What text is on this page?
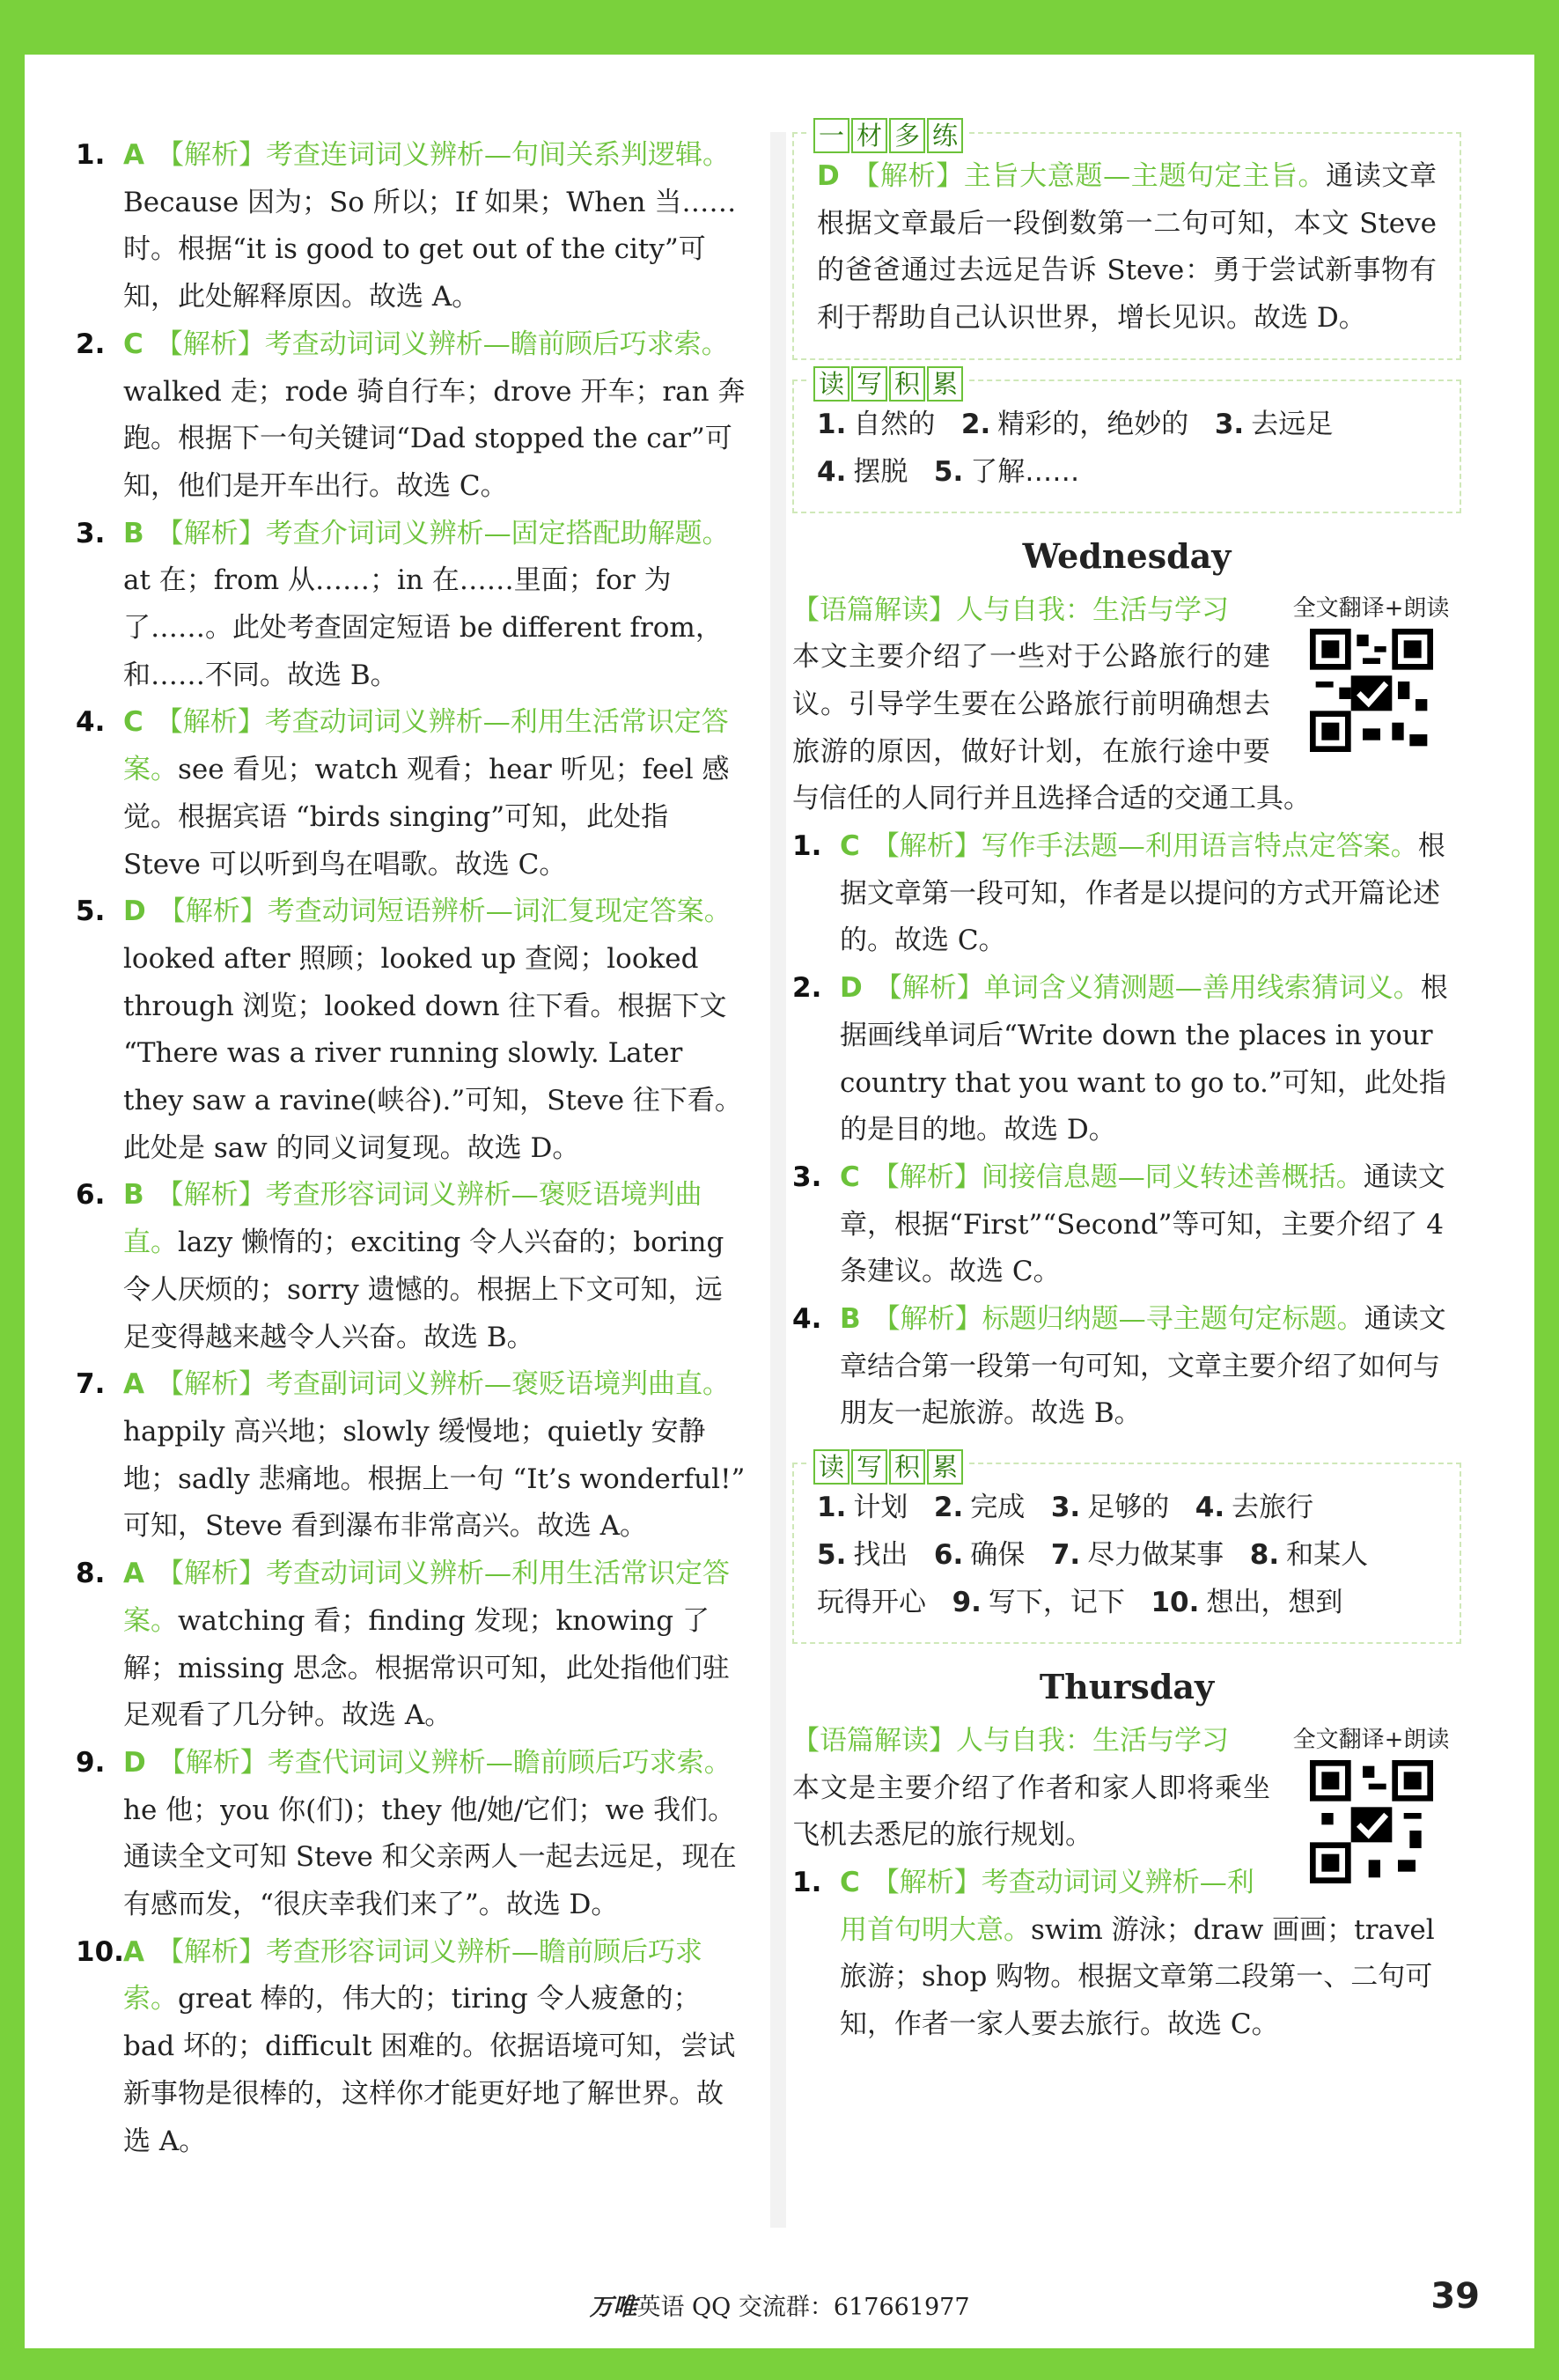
1. A 【解析】考查连词词义辨析—句间关系判逻辑。Because 因为；So 所以；If 如果；When 当……时。根据“it is good to get out of the city”可知，此处解释原因。故选 A。

2. C 【解析】考查动词词义辨析—瞻前顾后巧求索。walked 走；rode 骑自行车；drove 开车；ran 奔跑。根据下一句关键词“Dad stopped the car”可知，他们是开车出行。故选 C。

3. B 【解析】考查介词词义辨析—固定搭配助解题。at 在；from 从……；in 在……里面；for 为了……。此处考查固定短语 be different from，和……不同。故选 B。

4. C 【解析】考查动词词义辨析—利用生活常识定答案。see 看见；watch 观看；hear 听见；feel 感觉。根据宾语 “birds singing”可知，此处指 Steve 可以听到鸟在唱歌。故选 C。

5. D 【解析】考查动词短语辨析—词汇复现定答案。looked after 照顾；looked up 查阅；looked through 浏览；looked down 往下看。根据下文 “There was a river running slowly. Later they saw a ravine(峡谷).”可知，Steve 往下看。此处是 saw 的同义词复现。故选 D。

6. B 【解析】考查形容词词义辨析—褒贬语境判曲直。lazy 懒惰的；exciting 令人兴奋的；boring 令人厌烦的；sorry 遗憾的。根据上下文可知，远足变得越来越令人兴奋。故选 B。

7. A 【解析】考查副词词义辨析—褒贬语境判曲直。happily 高兴地；slowly 缓慢地；quietly 安静地；sadly 悲痛地。根据上一句 “It’s wonderful!” 可知，Steve 看到瀑布非常高兴。故选 A。

8. A 【解析】考查动词词义辨析—利用生活常识定答案。watching 看；finding 发现；knowing 了解；missing 思念。根据常识可知，此处指他们驻足观看了几分钟。故选 A。

9. D 【解析】考查代词词义辨析—瞻前顾后巧求索。he 他；you 你(们)；they 他/她/它们；we 我们。通读全文可知 Steve 和父亲两人一起去远足，现在有感而发，“很庆幸我们来了”。故选 D。

10. A 【解析】考查形容词词义辨析—瞻前顾后巧求索。great 棒的，伟大的；tiring 令人疲惫的；bad 坏的；difficult 困难的。依据语境可知，尝试新事物是很棒的，这样你才能更好地了解世界。故选 A。

一 材 多 练
D 【解析】主旨大意题—主题句定主旨。通读文章根据文章最后一段倒数第一二句可知，本文 Steve 的爸爸通过去远足告诉 Steve：勇于尝试新事物有利于帮助自己认识世界，增长见识。故选 D。
读 写 积 累
1. 自然的 2. 精彩的，绝妙的 3. 去远足
4. 摆脱 5. 了解……
Wednesday
【语篇解读】人与自我：生活与学习	全文翻译+朗读
本文主要介绍了一些对于公路旅行的建议。引导学生要在公路旅行前明确想去旅游的原因，做好计划，在旅行途中要与信任的人同行并且选择合适的交通工具。

1. C 【解析】写作手法题—利用语言特点定答案。根据文章第一段可知，作者是以提问的方式开篇论述的。故选 C。

2. D 【解析】单词含义猜测题—善用线索猜词义。根据画线单词后“Write down the places in your country that you want to go to.”可知，此处指的是目的地。故选 D。

3. C 【解析】间接信息题—同义转述善概括。通读文章，根据“First”“Second”等可知，主要介绍了 4 条建议。故选 C。

4. B 【解析】标题归纳题—寻主题句定标题。通读文章结合第一段第一句可知，文章主要介绍了如何与朋友一起旅游。故选 B。

读 写 积 累
1. 计划 2. 完成 3. 足够的 4. 去旅行
5. 找出 6. 确保 7. 尽力做某事 8. 和某人
玩得开心 9. 写下，记下 10. 想出，想到
Thursday
【语篇解读】人与自我：生活与学习	全文翻译+朗读
本文是主要介绍了作者和家人即将乘坐飞机去悉尼的旅行规划。

1. C 【解析】考查动词词义辨析—利用首句明大意。swim 游泳；draw 画画；travel 旅游；shop 购物。根据文章第二段第一、二句可知，作者一家人要去旅行。故选 C。

万唯英语 QQ 交流群：617661977	39
